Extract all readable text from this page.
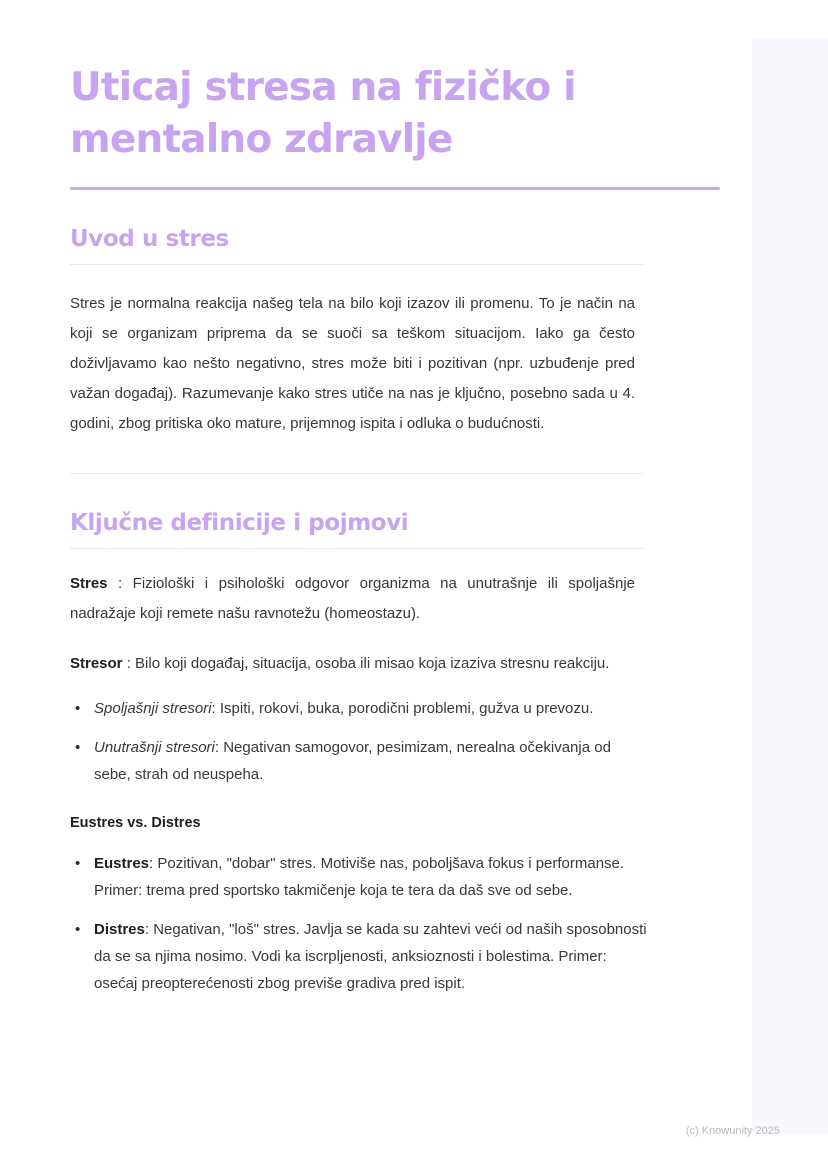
Uticaj stresa na fizičko i mentalno zdravlje
Uvod u stres

Stres je normalna reakcija našeg tela na bilo koji izazov ili promenu. To je način na koji se organizam priprema da se suoči sa teškom situacijom. Iako ga često doživljavamo kao nešto negativno, stres može biti i pozitivan (npr. uzbuđenje pred važan događaj). Razumevanje kako stres utiče na nas je ključno, posebno sada u 4. godini, zbog pritiska oko mature, prijemnog ispita i odluka o budućnosti.

Ključne definicije i pojmovi

Stres : Fiziološki i psihološki odgovor organizma na unutrašnje ili spoljašnje nadražaje koji remete našu ravnotežu (homeostazu).

Stresor : Bilo koji događaj, situacija, osoba ili misao koja izaziva stresnu reakciju.

• Spoljašnji stresori: Ispiti, rokovi, buka, porodični problemi, gužva u prevozu.
• Unutrašnji stresori: Negativan samogovor, pesimizam, nerealna očekivanja od sebe, strah od neuspeha.

Eustres vs. Distres

• Eustres: Pozitivan, "dobar" stres. Motiviše nas, poboljšava fokus i performanse. Primer: trema pred sportsko takmičenje koja te tera da daš sve od sebe.
• Distres: Negativan, "loš" stres. Javlja se kada su zahtevi veći od naših sposobnosti da se sa njima nosimo. Vodi ka iscrpljenosti, anksioznosti i bolestima. Primer: osećaj preopterećenosti zbog previše gradiva pred ispit.
(c) Knowunity 2025
